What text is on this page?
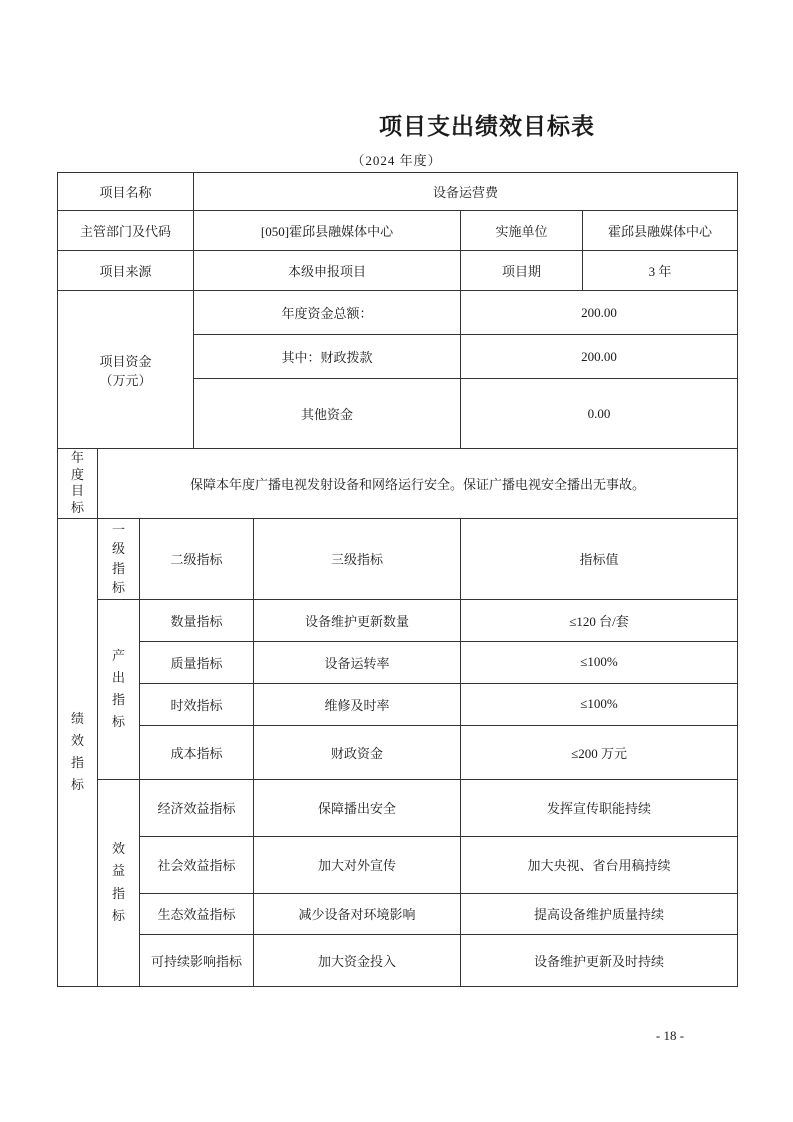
项目支出绩效目标表
（2024 年度）
项目名称			设备运营费			
主管部门及代码			[050]霍邱县融媒体中心		实施单位	霍邱县融媒体中心
项目来源			本级申报项目		项目期	3 年

项目资金
（万元）			年度资金总额：		200.00	
			其中：财政拨款		200.00	
			其他资金		0.00	
年度目标	保障本年度广播电视发射设备和网络运行安全。保证广播电视安全播出无事故。					
绩效指标	一级指标	二级指标		三级指标	指标值	
	产出指标	数量指标		设备维护更新数量	≤120 台/套	
		质量指标		设备运转率	≤100%	
		时效指标		维修及时率	≤100%	
		成本指标		财政资金	≤200 万元	
	效益指标	经济效益指标		保障播出安全	发挥宣传职能持续	
		社会效益指标		加大对外宣传	加大央视、省台用稿持续	
		生态效益指标		减少设备对环境影响	提高设备维护质量持续	
		可持续影响指标		加大资金投入	设备维护更新及时持续	
- 18 -
